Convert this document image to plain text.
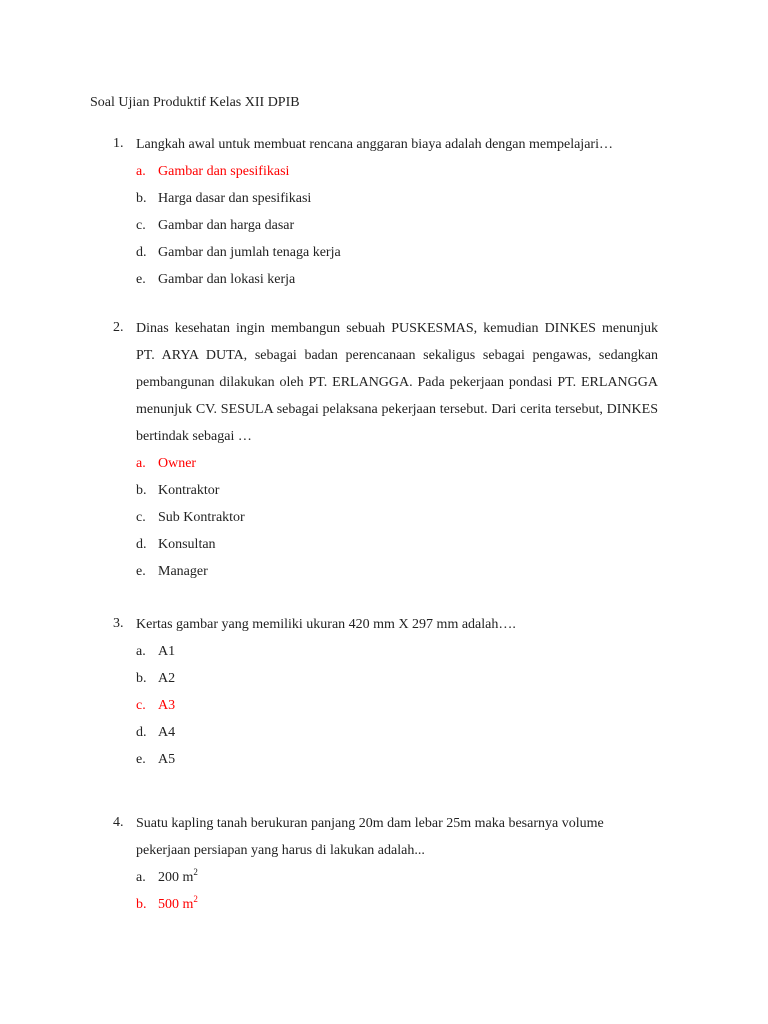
Soal Ujian Produktif Kelas XII DPIB
1. Langkah awal untuk membuat rencana anggaran biaya adalah dengan mempelajari…
a. Gambar dan spesifikasi
b. Harga dasar dan spesifikasi
c. Gambar dan harga dasar
d. Gambar dan jumlah tenaga kerja
e. Gambar dan lokasi kerja
2. Dinas kesehatan ingin membangun sebuah PUSKESMAS, kemudian DINKES menunjuk PT. ARYA DUTA, sebagai badan perencanaan sekaligus sebagai pengawas, sedangkan pembangunan dilakukan oleh PT. ERLANGGA. Pada pekerjaan pondasi PT. ERLANGGA menunjuk CV. SESULA sebagai pelaksana pekerjaan tersebut. Dari cerita tersebut, DINKES bertindak sebagai …
a. Owner
b. Kontraktor
c. Sub Kontraktor
d. Konsultan
e. Manager
3. Kertas gambar yang memiliki ukuran 420 mm X 297 mm adalah….
a. A1
b. A2
c. A3
d. A4
e. A5
4. Suatu kapling tanah berukuran panjang 20m dam lebar 25m maka besarnya volume pekerjaan persiapan yang harus di lakukan adalah...
a. 200 $m^2$
b. 500 $m^2$
